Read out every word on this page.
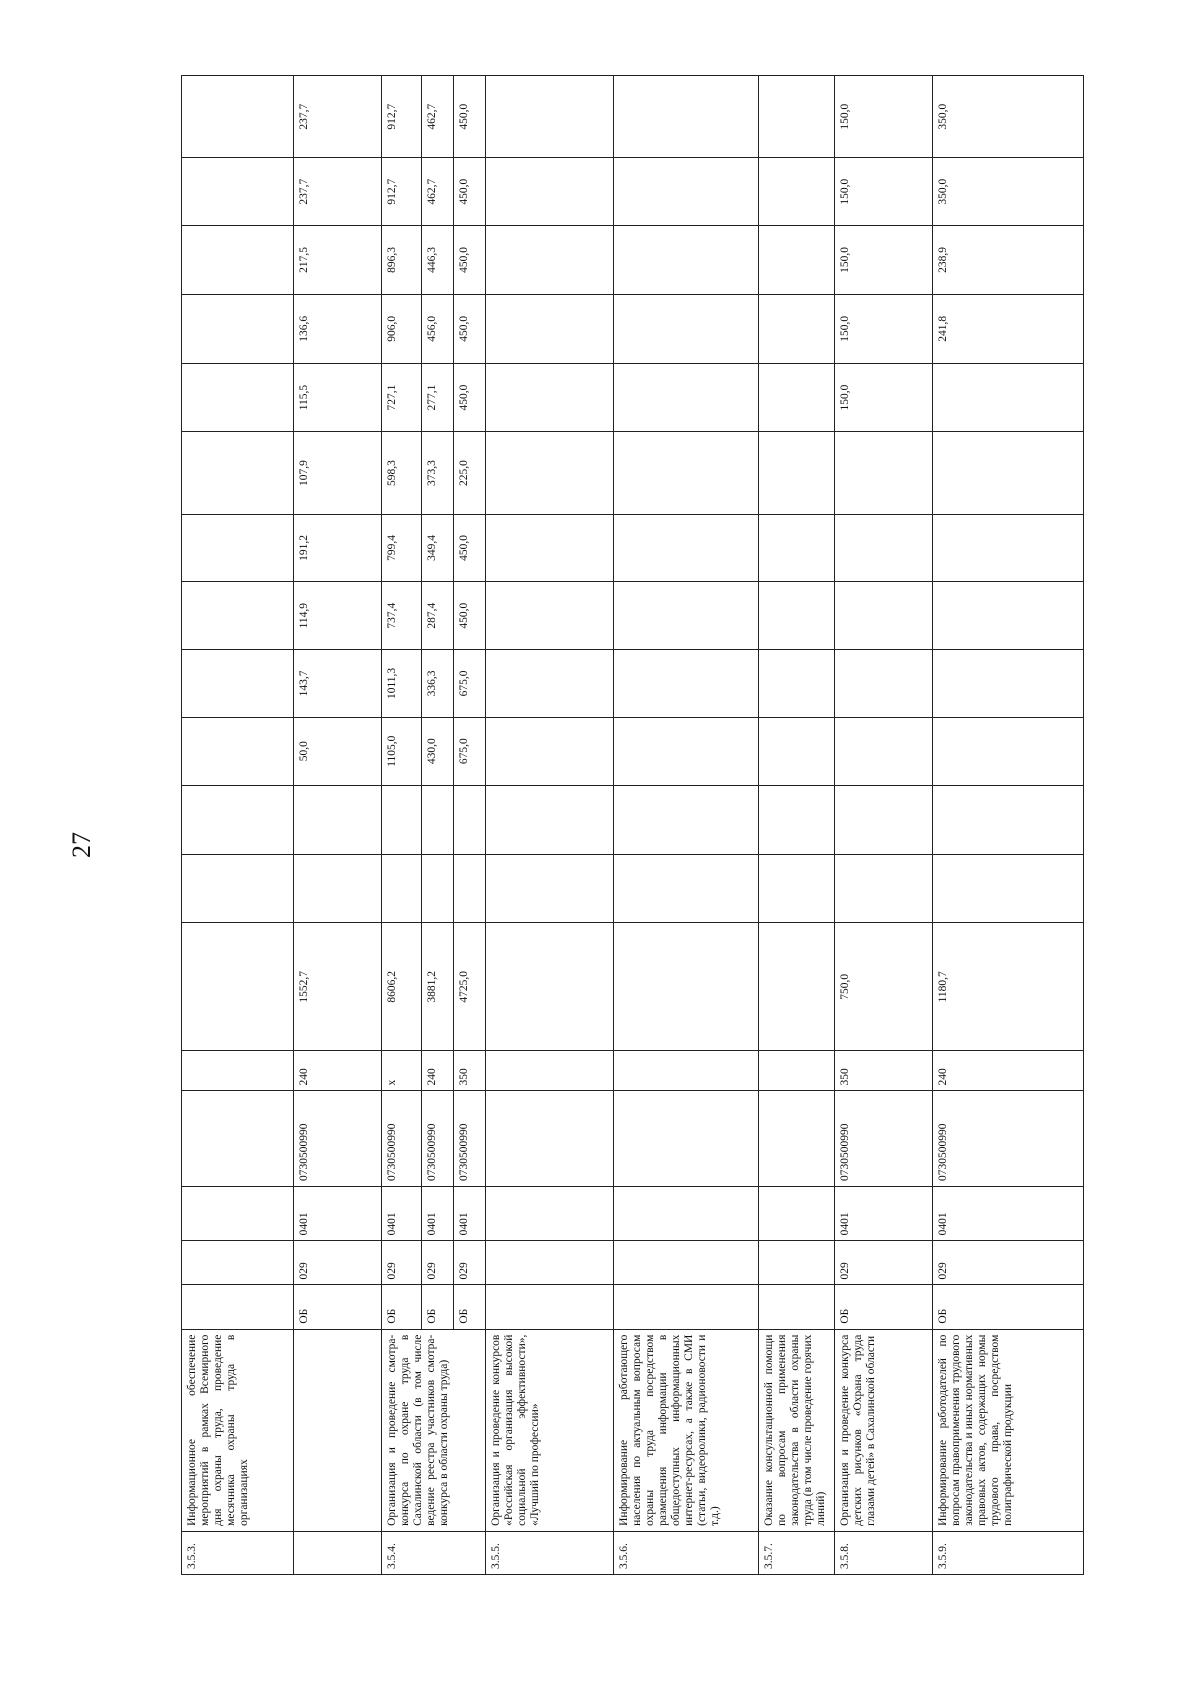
27
3.5.3.	Информационное обеспечение мероприятий в рамках Всемирного дня охраны труда, проведение месячника охраны труда в организациях																		
		ОБ	029	0401	0730500990	240	1552,7			50,0	143,7	114,9	191,2	107,9	115,5	136,6	217,5	237,7	237,7
3.5.4.	Организация и проведение смотра-конкурса по охране труда в Сахалинской области (в том числе ведение реестра участников смотра-конкурса в области охраны труда)	ОБ	029	0401	0730500990	x	8606,2			1105,0	1011,3	737,4	799,4	598,3	727,1	906,0	896,3	912,7	912,7
		ОБ	029	0401	0730500990	240	3881,2			430,0	336,3	287,4	349,4	373,3	277,1	456,0	446,3	462,7	462,7
		ОБ	029	0401	0730500990	350	4725,0			675,0	675,0	450,0	450,0	225,0	450,0	450,0	450,0	450,0	450,0
3.5.5.	Организация и проведение конкурсов «Российская организация высокой социальной эффективности», «Лучший по профессии»																		
3.5.6.	Информирование работающего населения по актуальным вопросам охраны труда посредством размещения информации в общедоступных информационных интернет-ресурсах, а также в СМИ (статьи, видеоролики, радионовости и т.д.)																		
3.5.7.	Оказание консультационной помощи по вопросам применения законодательства в области охраны труда (в том числе проведение горячих линий)																		
3.5.8.	Организация и проведение конкурса детских рисунков «Охрана труда глазами детей» в Сахалинской области	ОБ	029	0401	0730500990	350	750,0								150,0	150,0	150,0	150,0	150,0
3.5.9.	Информирование работодателей по вопросам правоприменения трудового законодательства и иных нормативных правовых актов, содержащих нормы трудового права, посредством полиграфической продукции	ОБ	029	0401	0730500990	240	1180,7									241,8	238,9	350,0	350,0
